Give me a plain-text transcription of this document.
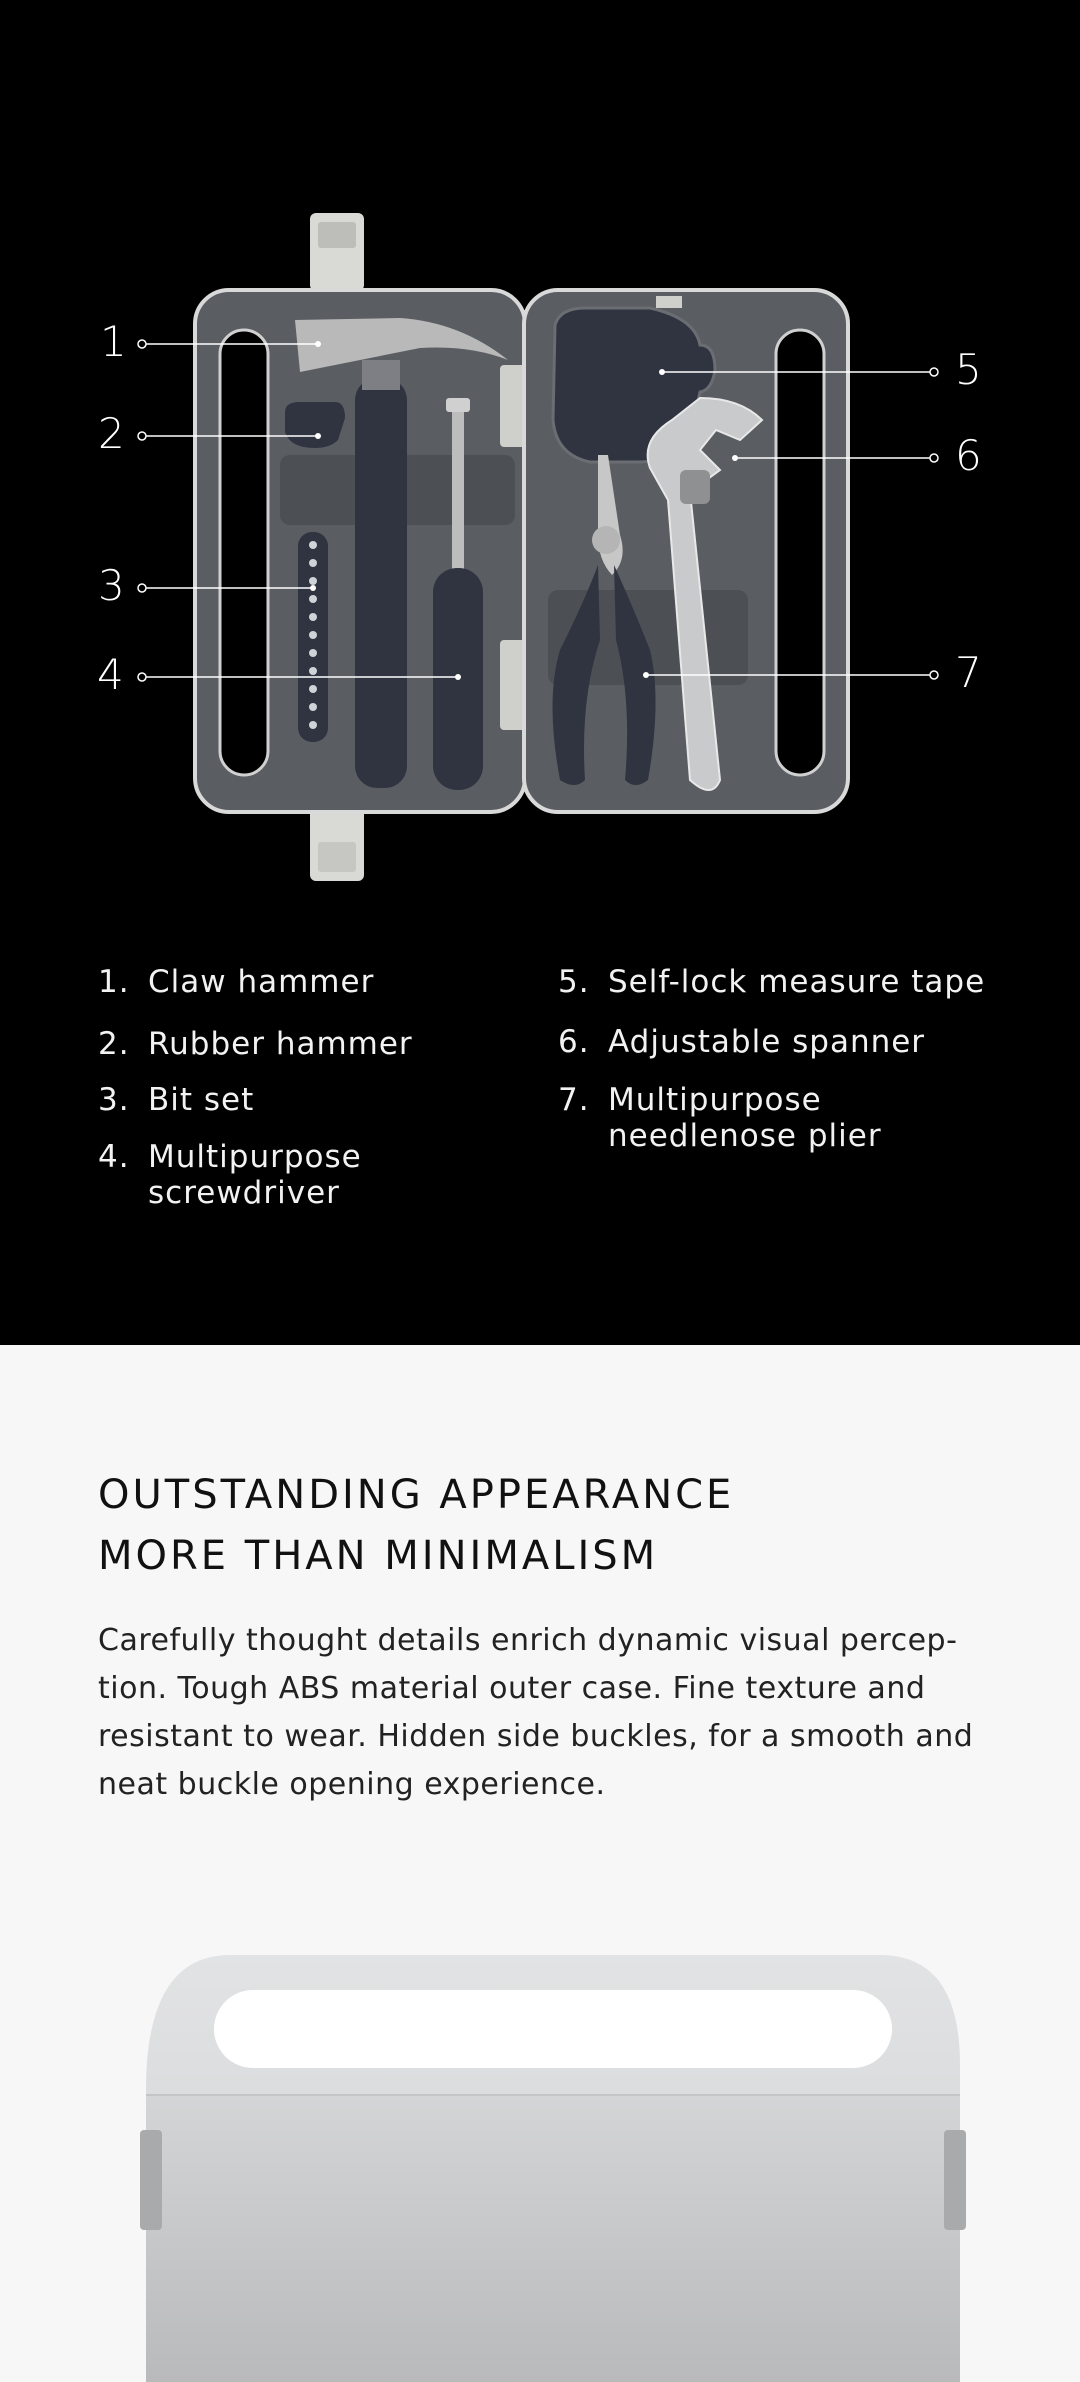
1
2
3
4
5
6
7
1. Claw hammer
2. Rubber hammer
3. Bit set
4. Multipurpose
screwdriver
5. Self-lock measure tape
6. Adjustable spanner
7. Multipurpose
needlenose plier
OUTSTANDING APPEARANCE
MORE THAN MINIMALISM

Carefully thought details enrich dynamic visual percep-tion. Tough ABS material outer case. Fine texture and resistant to wear. Hidden side buckles, for a smooth and neat buckle opening experience.
